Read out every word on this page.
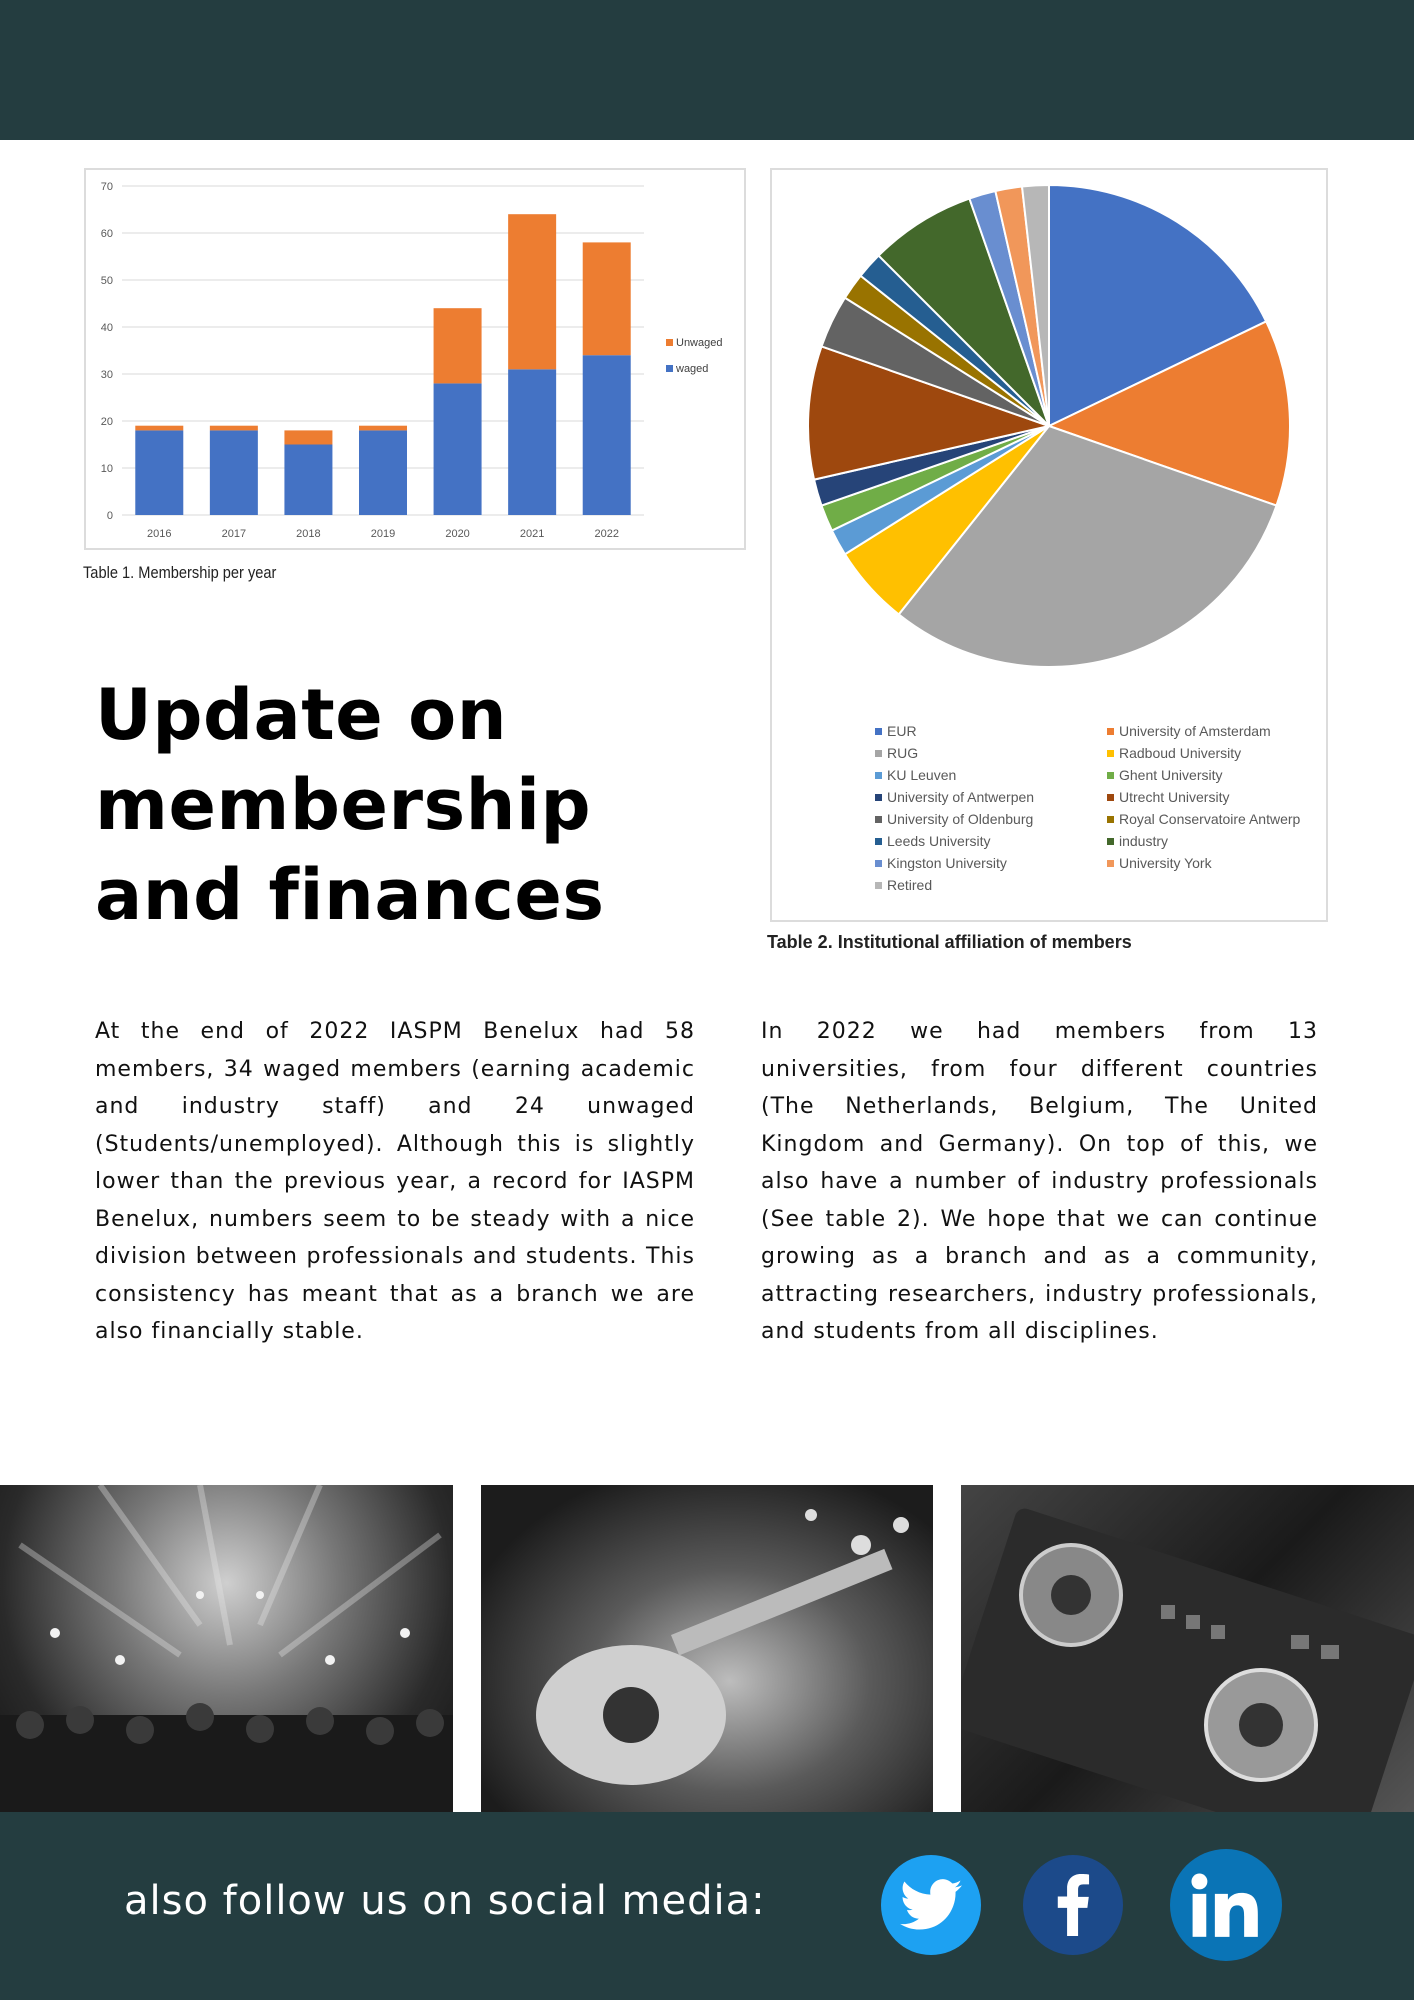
0
10
20
30
40
50
60
70
2016	2017	2018	2019	2020	2021	2022
Unwaged
waged
Table 1. Membership per year
EUR	University of Amsterdam
RUG	Radboud University
KU Leuven	Ghent University
University of Antwerpen	Utrecht University
University of Oldenburg	Royal Conservatoire Antwerp
Leeds University	industry
Kingston University	University York
Retired
Table 2. Institutional affiliation of members
Update on
membership
and finances

At the end of 2022 IASPM Benelux had 58 members, 34 waged members (earning academic and industry staff) and 24 unwaged (Students/unemployed). Although this is slightly lower than the previous year, a record for IASPM Benelux, numbers seem to be steady with a nice division between professionals and students. This consistency has meant that as a branch we are also financially stable.

In 2022 we had members from 13 universities, from four different countries (The Netherlands, Belgium, The United Kingdom and Germany). On top of this, we also have a number of industry professionals (See table 2). We hope that we can continue growing as a branch and as a community, attracting researchers, industry professionals, and students from all disciplines.

also follow us on social media:
